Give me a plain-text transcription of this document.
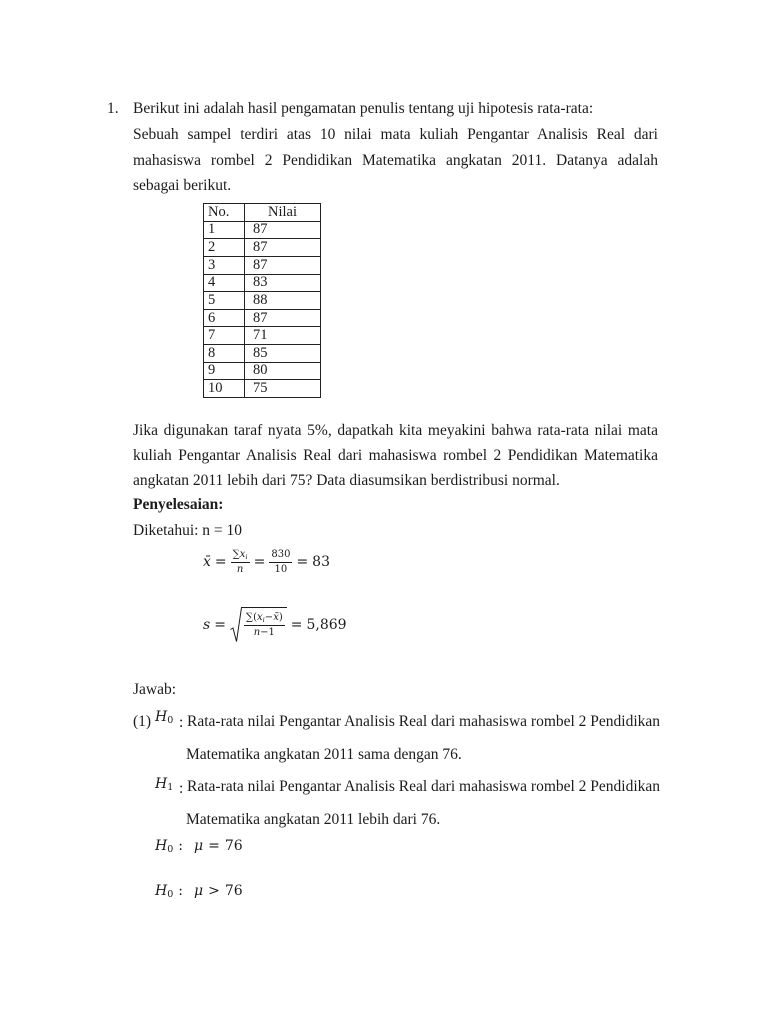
1. Berikut ini adalah hasil pengamatan penulis tentang uji hipotesis rata-rata:
Sebuah sampel terdiri atas 10 nilai mata kuliah Pengantar Analisis Real dari
mahasiswa rombel 2 Pendidikan Matematika angkatan 2011. Datanya adalah
sebagai berikut.
No.	Nilai
1	87
2	87
3	87
4	83
5	88
6	87
7	71
8	85
9	80
10	75
Jika digunakan taraf nyata 5%, dapatkah kita meyakini bahwa rata-rata nilai mata
kuliah Pengantar Analisis Real dari mahasiswa rombel 2 Pendidikan Matematika
angkatan 2011 lebih dari 75? Data diasumsikan berdistribusi normal.
Penyelesaian:
Diketahui: n = 10
x̄ = $\frac{\sum x_i}{n} = \frac{830}{10} = 83$
$s = \frac{\sum(x_i-x̄)}{n-1} = 5,869$
Jawab:
(1) H 0 : Rata-rata nilai Pengantar Analisis Real dari mahasiswa rombel 2 Pendidikan
Matematika angkatan 2011 sama dengan 76.
H 1 : Rata-rata nilai Pengantar Analisis Real dari mahasiswa rombel 2 Pendidikan
Matematika angkatan 2011 lebih dari 76.
H 0 : μ = 76
H 0 : μ > 76
